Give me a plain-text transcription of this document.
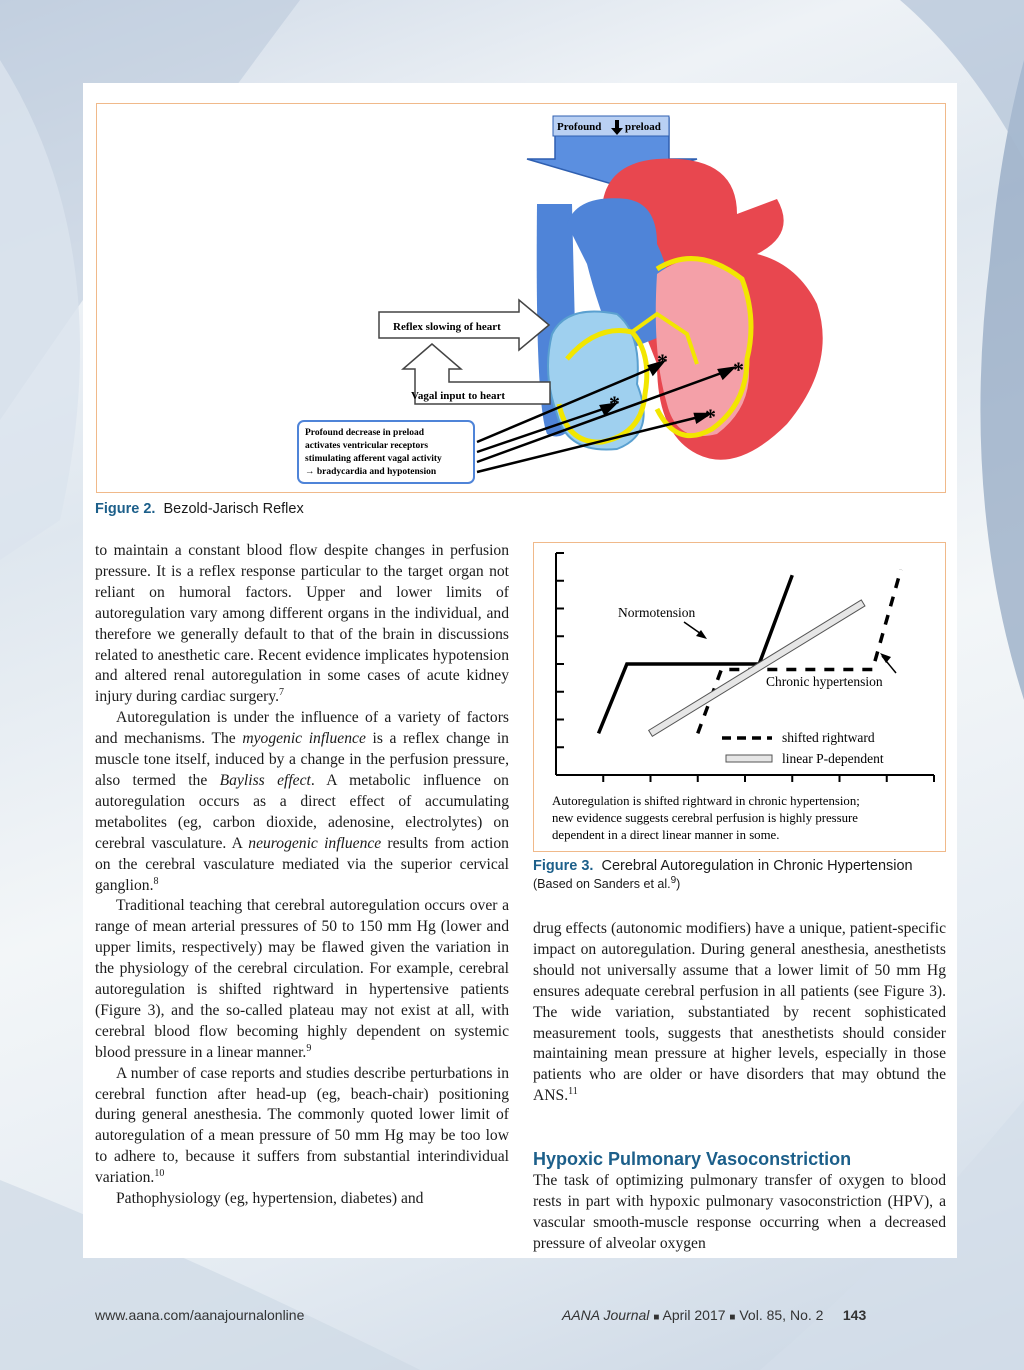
Profound preload
Reflex slowing of heart
Vagal input to heart
Profound decrease in preload
activates ventricular receptors
stimulating afferent vagal activity
→ bradycardia and hypotension
*
*
*
*
Figure 2. Bezold-Jarisch Reflex

to maintain a constant blood flow despite changes in perfusion pressure. It is a reflex response particular to the target organ not reliant on humoral factors. Upper and lower limits of autoregulation vary among different organs in the individual, and therefore we generally default to that of the brain in discussions related to anesthetic care. Recent evidence implicates hypotension and altered renal autoregulation in some cases of acute kidney injury during cardiac surgery.$^7$

Autoregulation is under the influence of a variety of factors and mechanisms. The myogenic influence is a reflex change in muscle tone itself, induced by a change in the perfusion pressure, also termed the Bayliss effect. A metabolic influence on autoregulation occurs as a direct effect of accumulating metabolites (eg, carbon dioxide, adenosine, electrolytes) on cerebral vasculature. A neurogenic influence results from action on the cerebral vasculature mediated via the superior cervical ganglion.$^8$

Traditional teaching that cerebral autoregulation occurs over a range of mean arterial pressures of 50 to 150 mm Hg (lower and upper limits, respectively) may be flawed given the variation in the physiology of the cerebral circulation. For example, cerebral autoregulation is shifted rightward in hypertensive patients (Figure 3), and the so-called plateau may not exist at all, with cerebral blood flow becoming highly dependent on systemic blood pressure in a linear manner.$^9$

A number of case reports and studies describe perturbations in cerebral function after head-up (eg, beach-chair) positioning during general anesthesia. The commonly quoted lower limit of autoregulation of a mean pressure of 50 mm Hg may be too low to adhere to, because it suffers from substantial interindividual variation.$^{10}$

Pathophysiology (eg, hypertension, diabetes) and

Normotension
Chronic hypertension
shifted rightward
linear P-dependent
Autoregulation is shifted rightward in chronic hypertension;
new evidence suggests cerebral perfusion is highly pressure
dependent in a direct linear manner in some.
Figure 3. Cerebral Autoregulation in Chronic Hypertension
(Based on Sanders et al.$^9$)

drug effects (autonomic modifiers) have a unique, patient-specific impact on autoregulation. During general anesthesia, anesthetists should not universally assume that a lower limit of 50 mm Hg ensures adequate cerebral perfusion in all patients (see Figure 3). The wide variation, substantiated by recent sophisticated measurement tools, suggests that anesthetists should consider maintaining mean pressure at higher levels, especially in those patients who are older or have disorders that may obtund the ANS.$^{11}$

Hypoxic Pulmonary Vasoconstriction

The task of optimizing pulmonary transfer of oxygen to blood rests in part with hypoxic pulmonary vasoconstriction (HPV), a vascular smooth-muscle response occurring when a decreased pressure of alveolar oxygen

www.aana.com/aanajournalonline	AANA Journal ■ April 2017 ■ Vol. 85, No. 2 143
